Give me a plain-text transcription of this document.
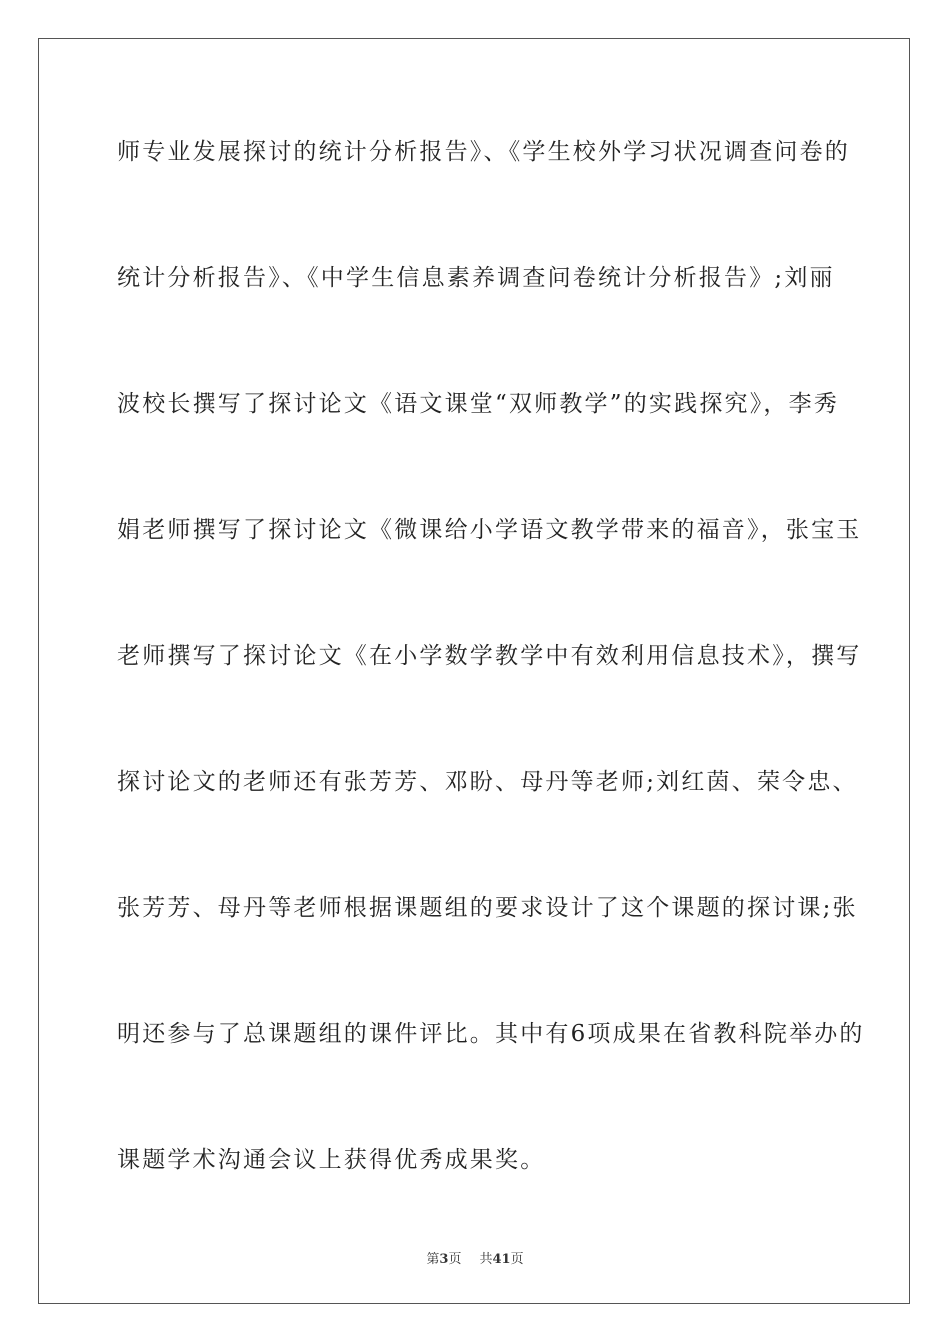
师专业发展探讨的统计分析报告》、《学生校外学习状况调查问卷的
统计分析报告》、《中学生信息素养调查问卷统计分析报告》;刘丽
波校长撰写了探讨论文《语文课堂“双师教学”的实践探究》，李秀
娟老师撰写了探讨论文《微课给小学语文教学带来的福音》，张宝玉
老师撰写了探讨论文《在小学数学教学中有效利用信息技术》，撰写
探讨论文的老师还有张芳芳、邓盼、母丹等老师;刘红茵、荣令忠、
张芳芳、母丹等老师根据课题组的要求设计了这个课题的探讨课;张
明还参与了总课题组的课件评比。其中有6项成果在省教科院举办的
课题学术沟通会议上获得优秀成果奖。
第3页 共41页
